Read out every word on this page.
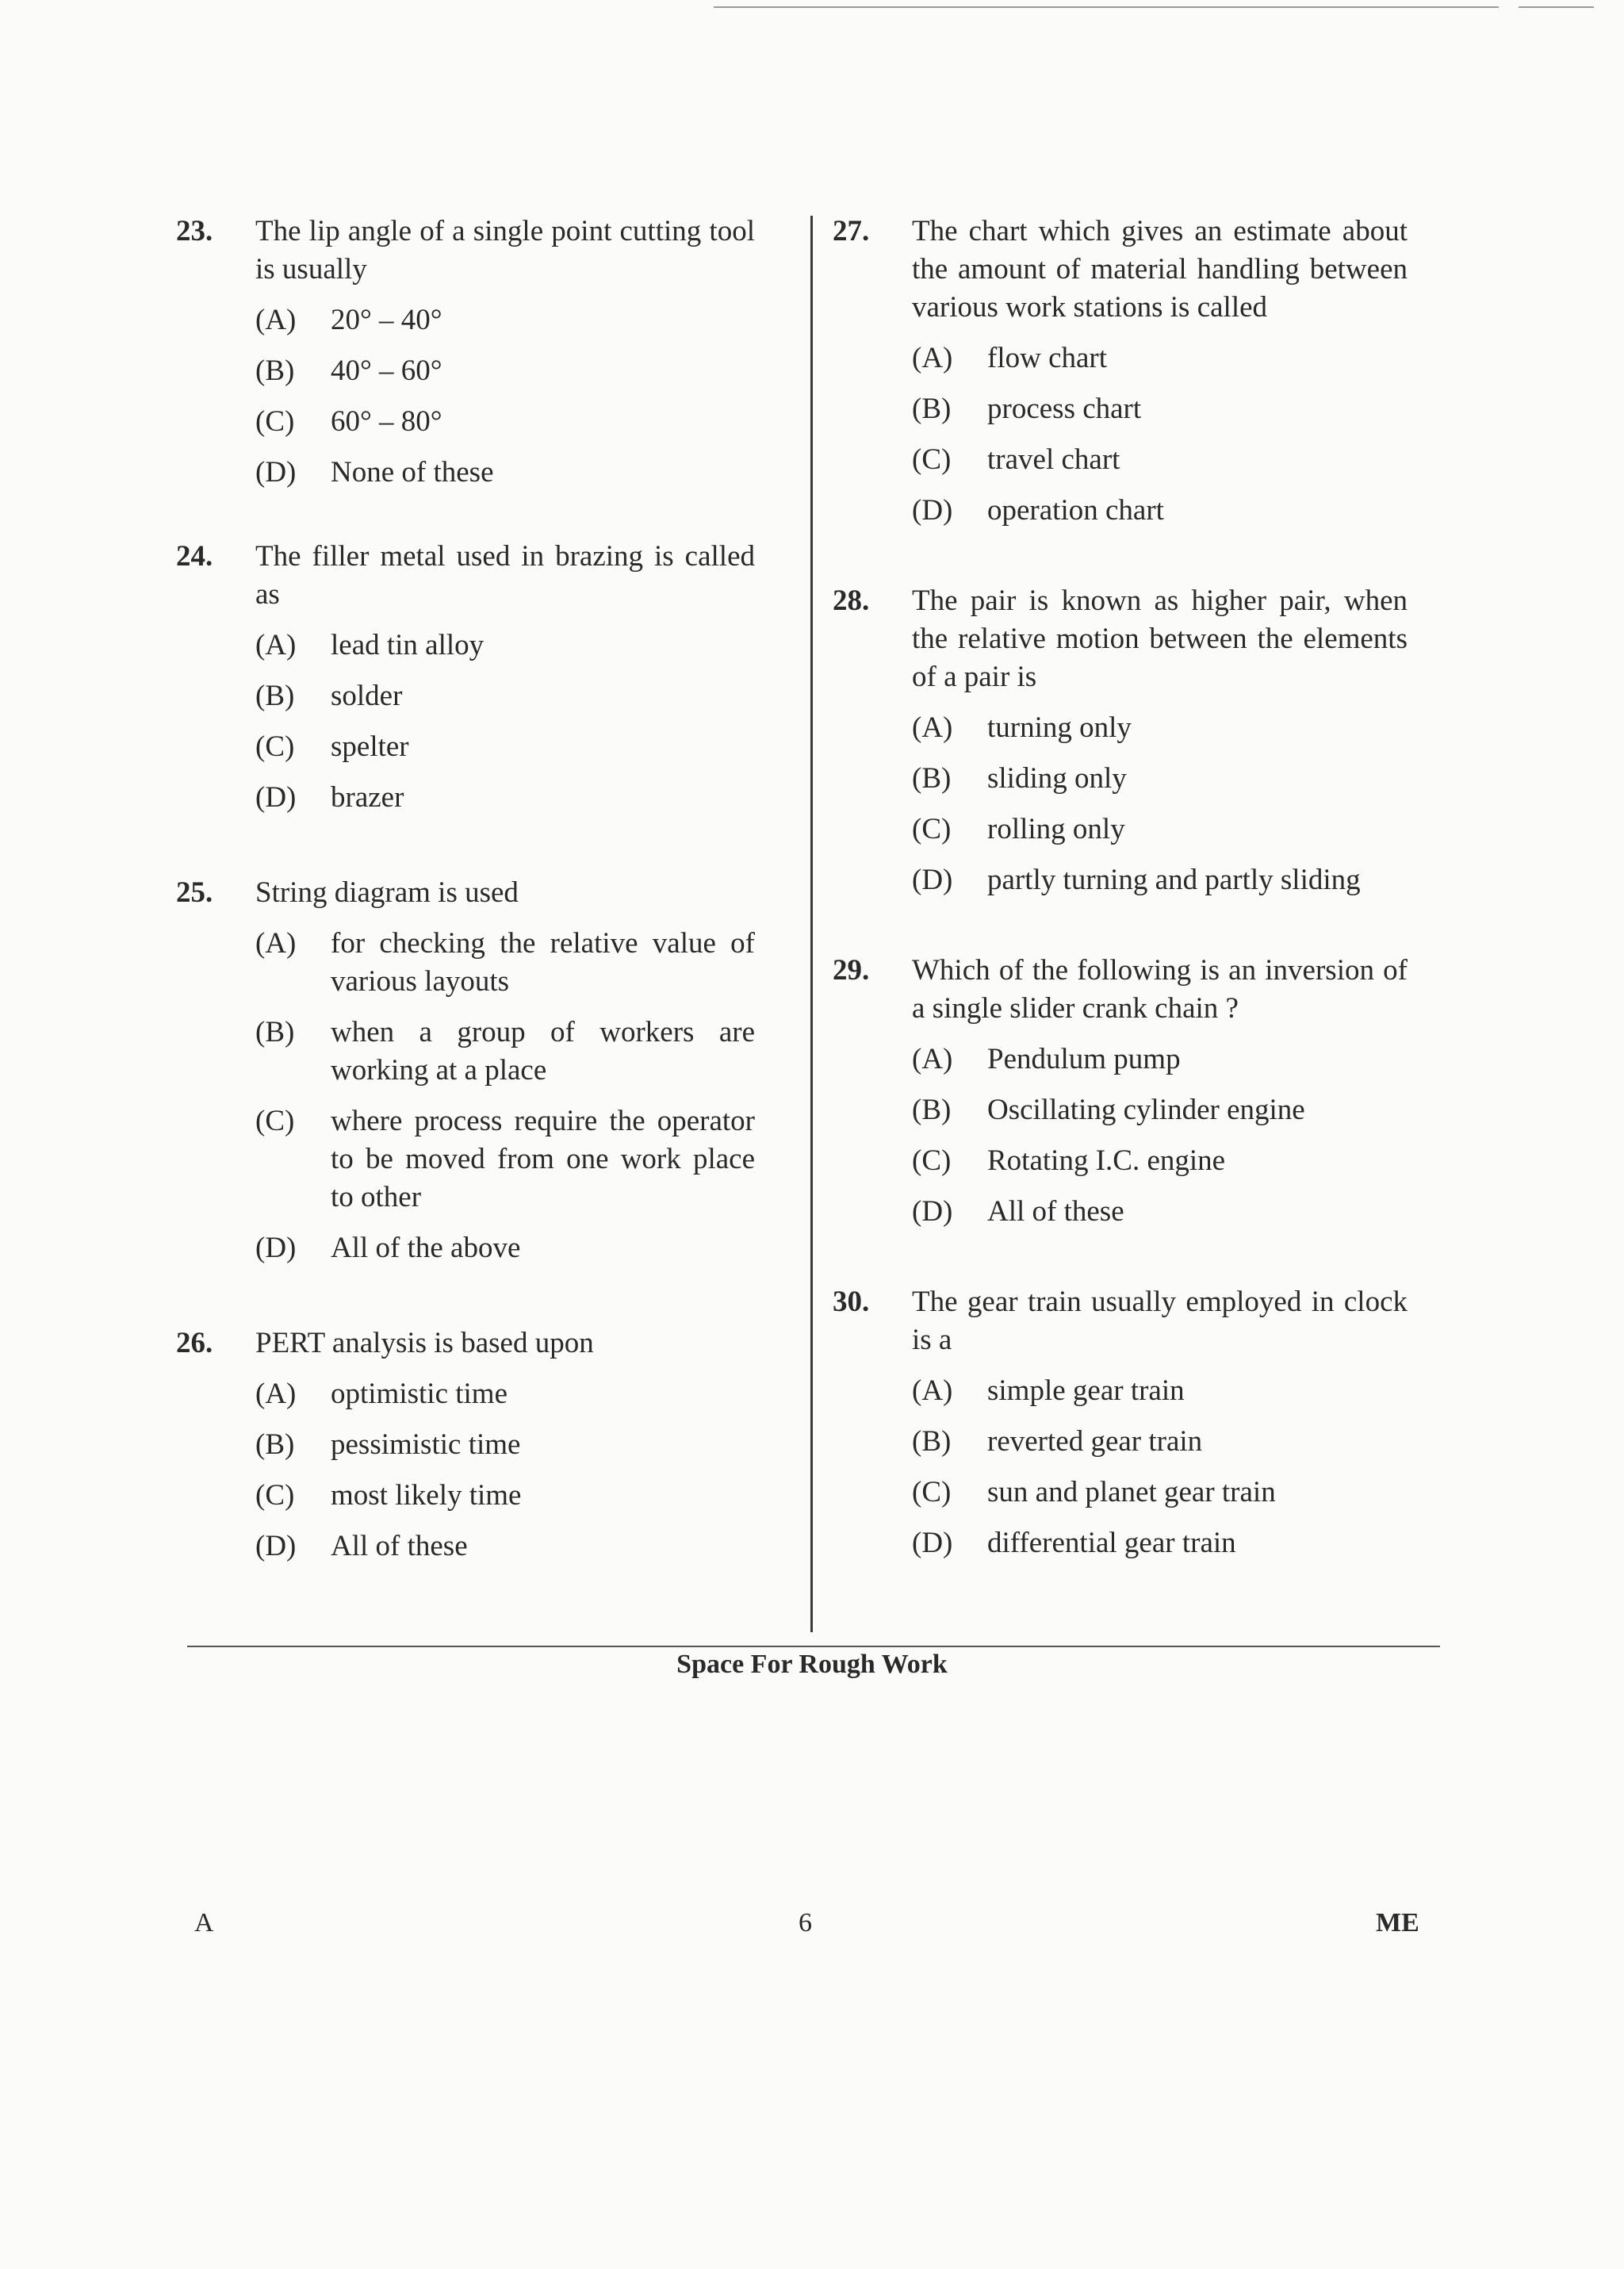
23. The lip angle of a single point cutting tool is usually
(A) 20° – 40°
(B) 40° – 60°
(C) 60° – 80°
(D) None of these
24. The filler metal used in brazing is called as
(A) lead tin alloy
(B) solder
(C) spelter
(D) brazer
25. String diagram is used
(A) for checking the relative value of various layouts
(B) when a group of workers are working at a place
(C) where process require the operator to be moved from one work place to other
(D) All of the above
26. PERT analysis is based upon
(A) optimistic time
(B) pessimistic time
(C) most likely time
(D) All of these
27. The chart which gives an estimate about the amount of material handling between various work stations is called
(A) flow chart
(B) process chart
(C) travel chart
(D) operation chart
28. The pair is known as higher pair, when the relative motion between the elements of a pair is
(A) turning only
(B) sliding only
(C) rolling only
(D) partly turning and partly sliding
29. Which of the following is an inversion of a single slider crank chain ?
(A) Pendulum pump
(B) Oscillating cylinder engine
(C) Rotating I.C. engine
(D) All of these
30. The gear train usually employed in clock is a
(A) simple gear train
(B) reverted gear train
(C) sun and planet gear train
(D) differential gear train
Space For Rough Work
A	6	ME
